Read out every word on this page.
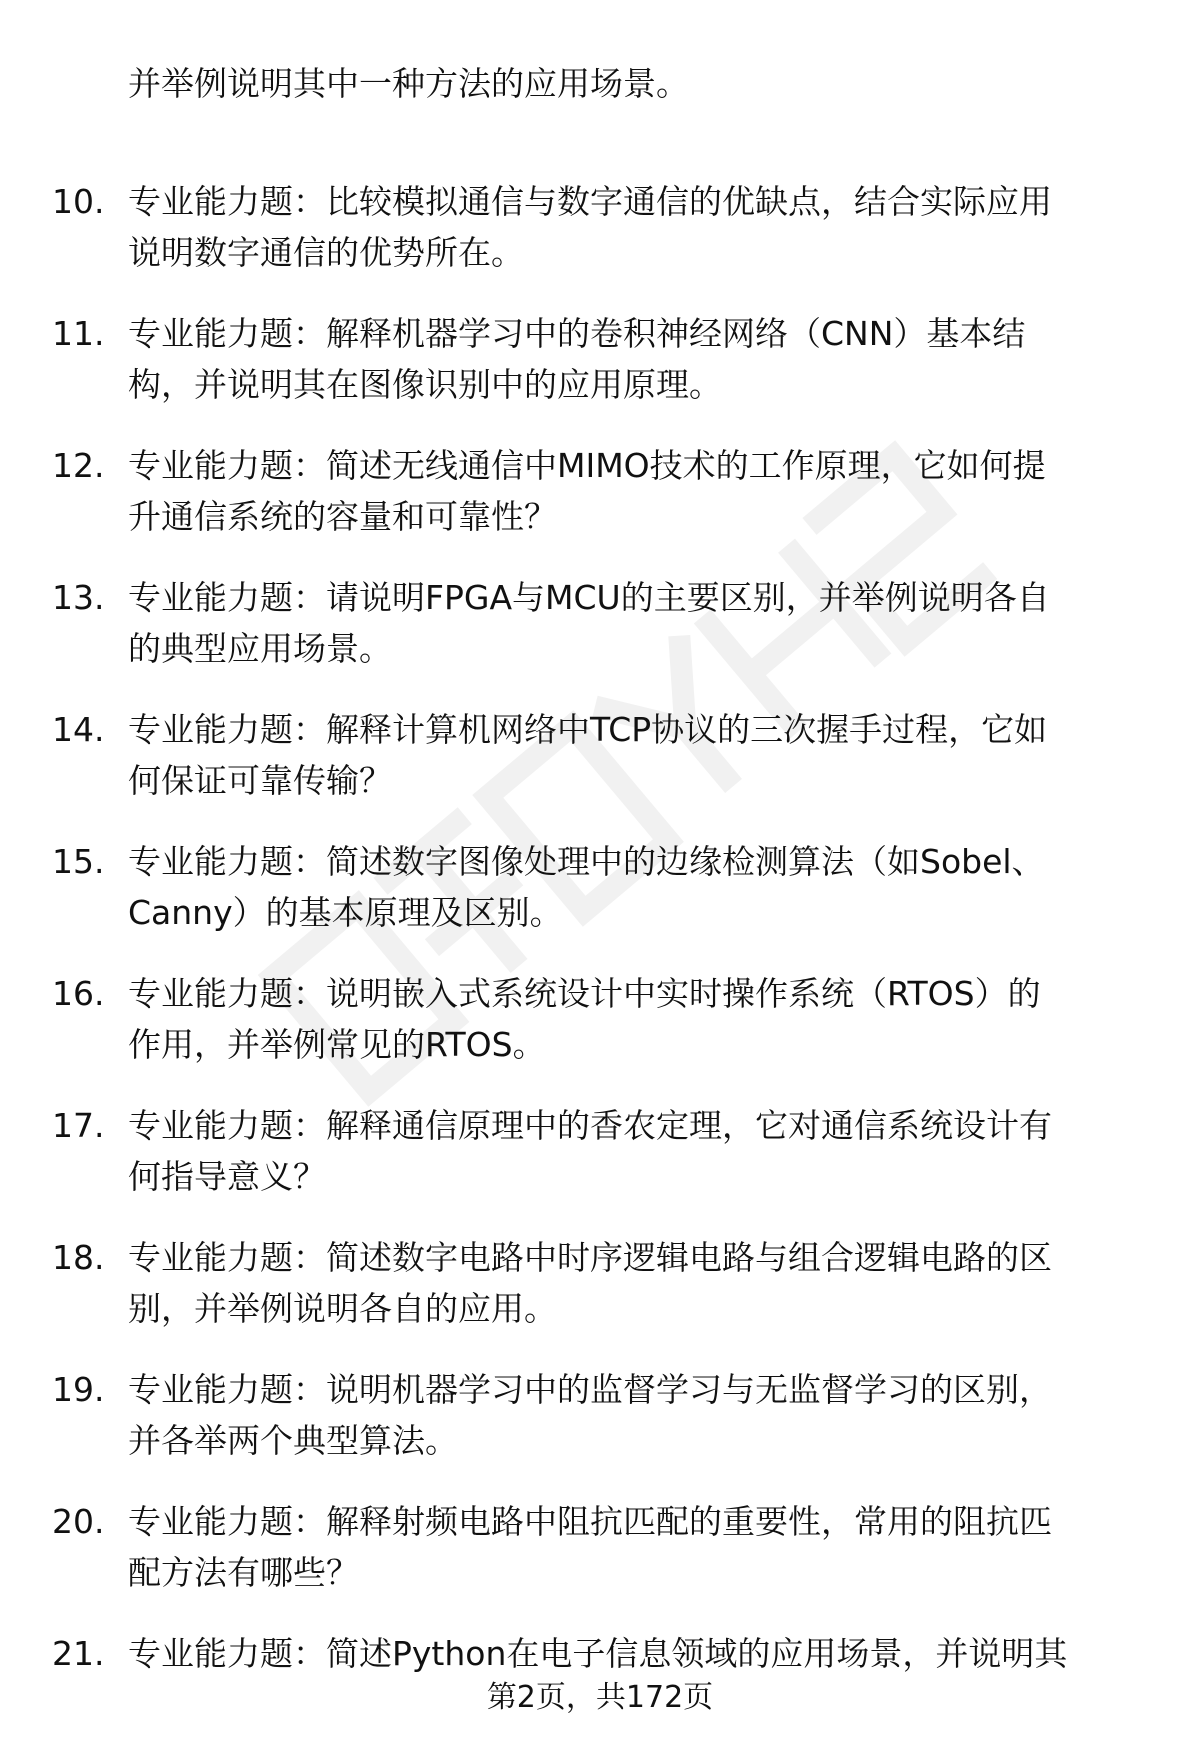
并举例说明其中一种方法的应用场景。
10. 专业能力题：比较模拟通信与数字通信的优缺点，结合实际应用
说明数字通信的优势所在。
11. 专业能力题：解释机器学习中的卷积神经网络（CNN）基本结
构，并说明其在图像识别中的应用原理。
12. 专业能力题：简述无线通信中MIMO技术的工作原理，它如何提
升通信系统的容量和可靠性？
13. 专业能力题：请说明FPGA与MCU的主要区别，并举例说明各自
的典型应用场景。
14. 专业能力题：解释计算机网络中TCP协议的三次握手过程，它如
何保证可靠传输？
15. 专业能力题：简述数字图像处理中的边缘检测算法（如Sobel、
Canny）的基本原理及区别。
16. 专业能力题：说明嵌入式系统设计中实时操作系统（RTOS）的
作用，并举例常见的RTOS。
17. 专业能力题：解释通信原理中的香农定理，它对通信系统设计有
何指导意义？
18. 专业能力题：简述数字电路中时序逻辑电路与组合逻辑电路的区
别，并举例说明各自的应用。
19. 专业能力题：说明机器学习中的监督学习与无监督学习的区别，
并各举两个典型算法。
20. 专业能力题：解释射频电路中阻抗匹配的重要性，常用的阻抗匹
配方法有哪些？
21. 专业能力题：简述Python在电子信息领域的应用场景，并说明其
第2页，共172页
